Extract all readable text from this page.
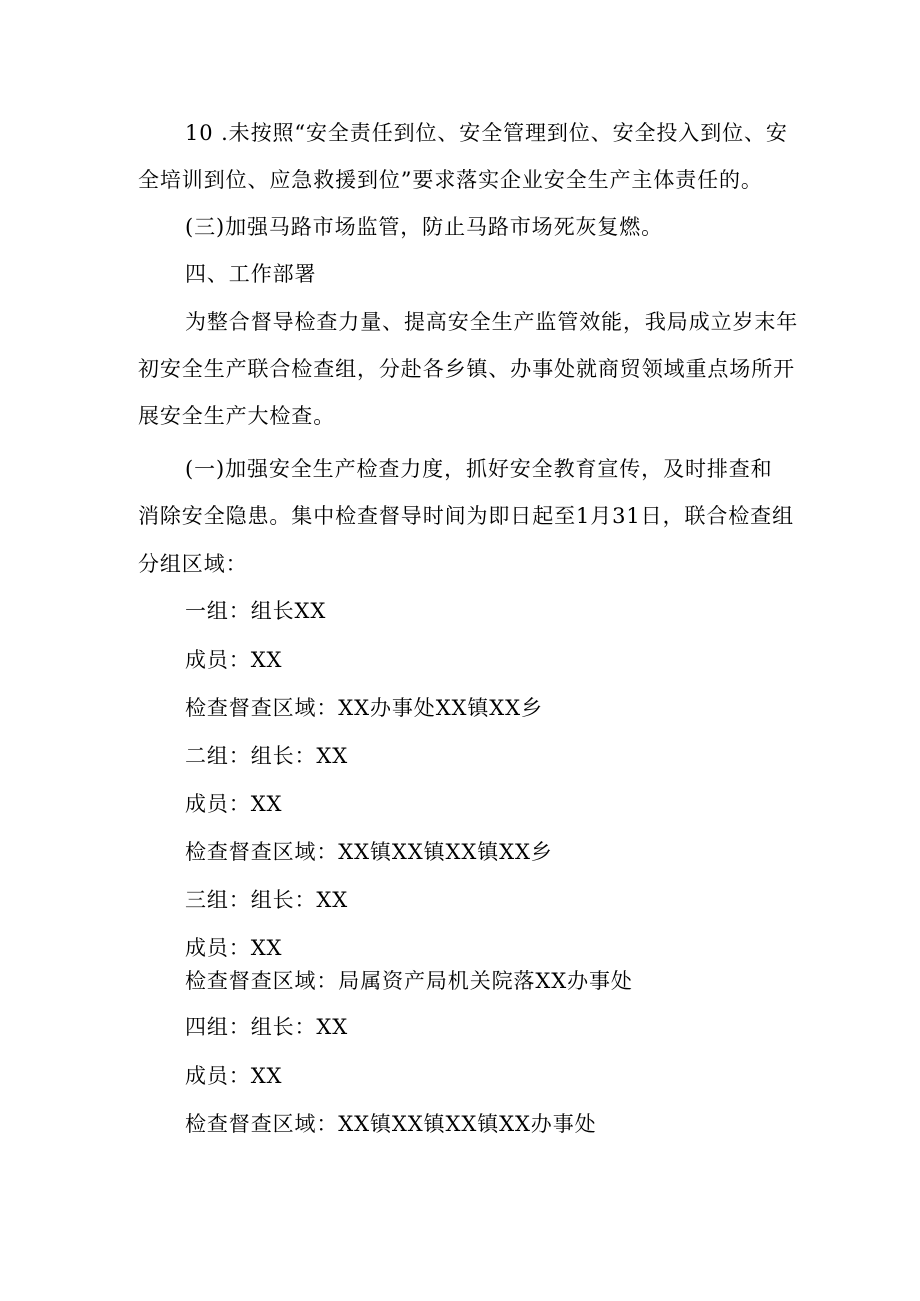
10 .未按照“安全责任到位、安全管理到位、安全投入到位、安
全培训到位、应急救援到位”要求落实企业安全生产主体责任的。
(三)加强马路市场监管，防止马路市场死灰复燃。
四、工作部署
为整合督导检查力量、提高安全生产监管效能，我局成立岁末年
初安全生产联合检查组，分赴各乡镇、办事处就商贸领域重点场所开
展安全生产大检查。
(一)加强安全生产检查力度，抓好安全教育宣传，及时排查和
消除安全隐患。集中检查督导时间为即日起至1月31日，联合检查组
分组区域：
一组：组长XX
成员：XX
检查督查区域：XX办事处XX镇XX乡
二组：组长：XX
成员：XX
检查督查区域：XX镇XX镇XX镇XX乡
三组：组长：XX
成员：XX
检查督查区域：局属资产局机关院落XX办事处
四组：组长：XX
成员：XX
检查督查区域：XX镇XX镇XX镇XX办事处
